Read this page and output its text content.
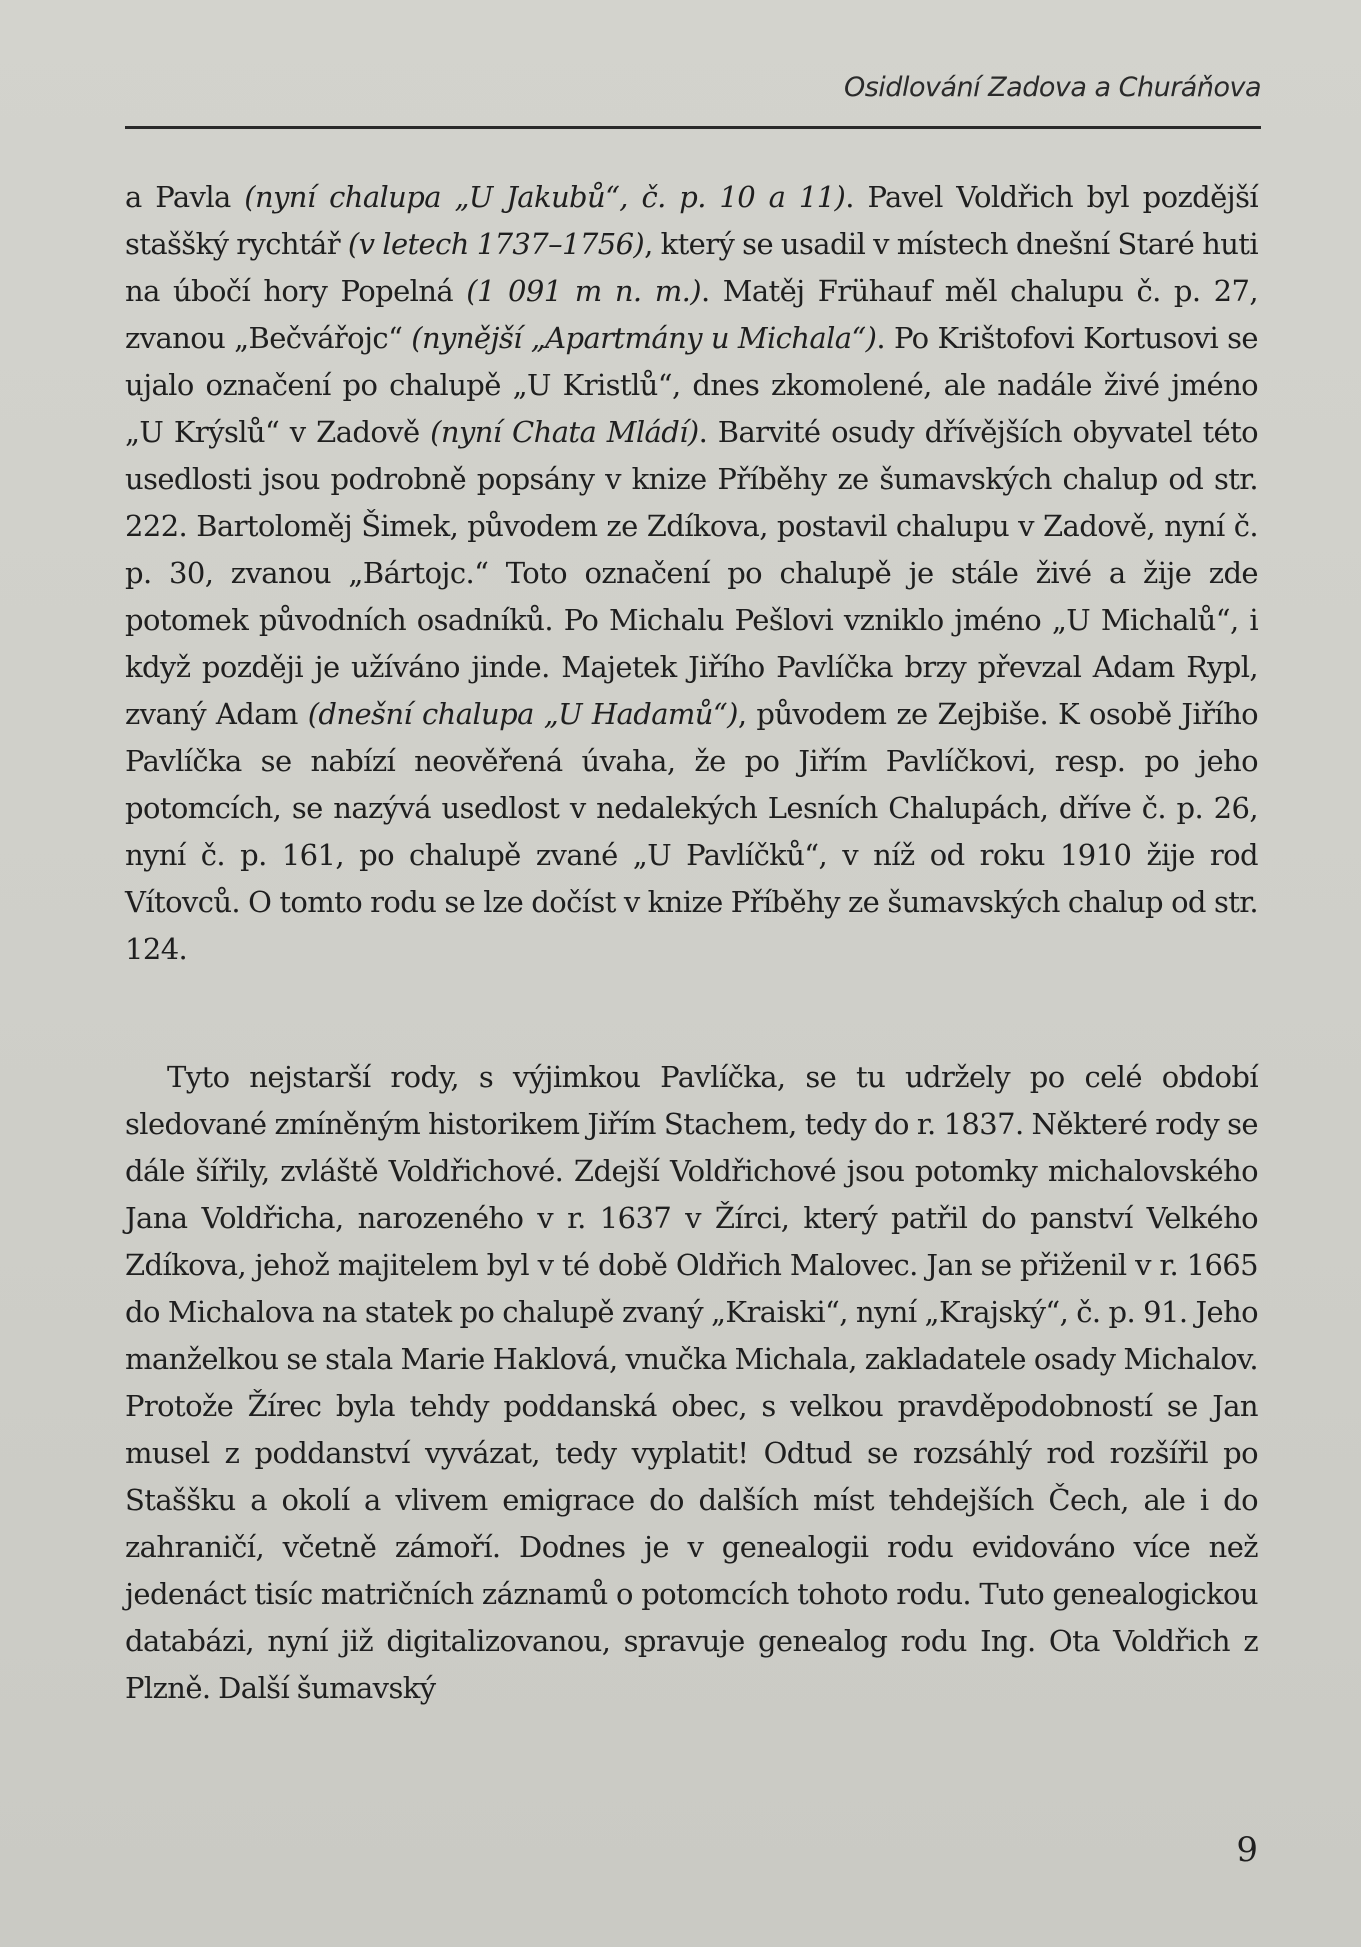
Osidlování Zadova a Churáňova

a Pavla (nyní chalupa „U Jakubů“, č. p. 10 a 11). Pavel Voldřich byl pozdější staššký rychtář (v letech 1737–1756), který se usadil v místech dnešní Staré huti na úbočí hory Popelná (1 091 m n. m.). Matěj Frühauf měl chalupu č. p. 27, zvanou „Bečvářojc“ (nynější „Apartmány u Michala“). Po Krištofovi Kortusovi se ujalo označení po chalupě „U Kristlů“, dnes zkomolené, ale nadále živé jméno „U Krýslů“ v Zadově (nyní Chata Mládí). Barvité osudy dřívějších obyvatel této usedlosti jsou podrobně popsány v knize Příběhy ze šumavských chalup od str. 222. Bartoloměj Šimek, původem ze Zdíkova, postavil chalupu v Zadově, nyní č. p. 30, zvanou „Bártojc.“ Toto označení po chalupě je stále živé a žije zde potomek původních osadníků. Po Michalu Pešlovi vzniklo jméno „U Michalů“, i když později je užíváno jinde. Majetek Jiřího Pavlíčka brzy převzal Adam Rypl, zvaný Adam (dnešní chalupa „U Hadamů“), původem ze Zejbiše. K osobě Jiřího Pavlíčka se nabízí neověřená úvaha, že po Jiřím Pavlíčkovi, resp. po jeho potomcích, se nazývá usedlost v nedalekých Lesních Chalupách, dříve č. p. 26, nyní č. p. 161, po chalupě zvané „U Pavlíčků“, v níž od roku 1910 žije rod Vítovců. O tomto rodu se lze dočíst v knize Příběhy ze šumavských chalup od str. 124.

Tyto nejstarší rody, s výjimkou Pavlíčka, se tu udržely po celé období sledované zmíněným historikem Jiřím Stachem, tedy do r. 1837. Některé rody se dále šířily, zvláště Voldřichové. Zdejší Voldřichové jsou potomky michalovského Jana Voldřicha, narozeného v r. 1637 v Žírci, který patřil do panství Velkého Zdíkova, jehož majitelem byl v té době Oldřich Malovec. Jan se přiženil v r. 1665 do Michalova na statek po chalupě zvaný „Kraiski“, nyní „Krajský“, č. p. 91. Jeho manželkou se stala Marie Haklová, vnučka Michala, zakladatele osady Michalov. Protože Žírec byla tehdy poddanská obec, s velkou pravděpodobností se Jan musel z poddanství vyvázat, tedy vyplatit! Odtud se rozsáhlý rod rozšířil po Staššku a okolí a vlivem emigrace do dalších míst tehdejších Čech, ale i do zahraničí, včetně zámoří. Dodnes je v genealogii rodu evidováno více než jedenáct tisíc matričních záznamů o potomcích tohoto rodu. Tuto genealogickou databázi, nyní již digitalizovanou, spravuje genealog rodu Ing. Ota Voldřich z Plzně. Další šumavský

9
